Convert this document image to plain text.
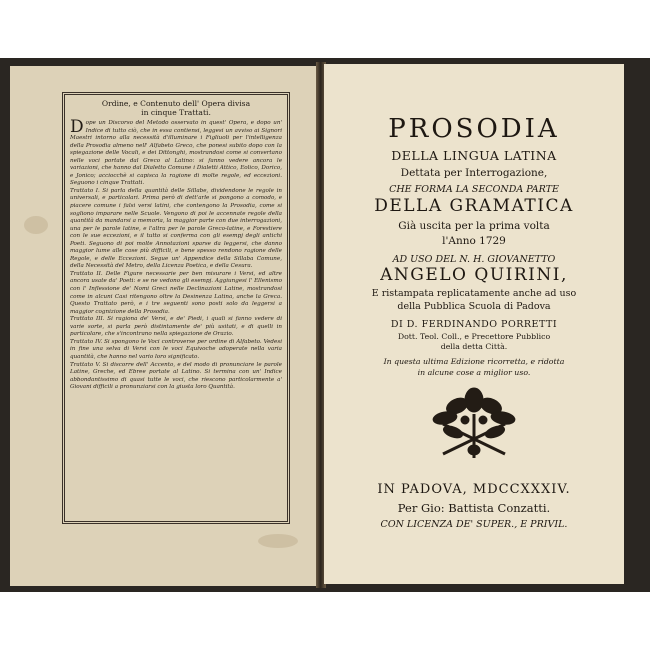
Ordine, e Contenuto dell' Opera divisa
in cinque Trattati.

Dope un Discorso del Metodo osservato in quest' Opera, e dopo un' Indice di tutto ciò, che in essa contiensi, leggesi un avviso ai Signori Maestri intorno alla necessità d'illuminare i Figliuoli per l'intelligenza della Prosodia almeno nell' Alfabeto Greco, che ponesi subito dopo con la spiegazione delle Vocali, e dei Dittonghi, mostrandosi come si convertano nelle voci portate dal Greco al Latino: si fanno vedere ancora le variazioni, che hanno dal Dialetto Comune i Dialetti Attico, Eolico, Dorico, e Jonico; acciocchè si capisca la ragione di molte regole, ed eccezioni. Seguono i cinque Trattati.

Trattato I. Si parla della quantità delle Sillabe, dividendone le regole in universali, e particolari. Prima però di dett'arle si pongono a comodo, e piacere comune i falsi versi latini, che contengono la Prosodia, come si sogliono imparare nelle Scuole. Vengono di poi le accennate regole della quantità da mandarsi a memoria, la maggior parte con due interrogazioni, una per le parole latine, e l'altra per le parole Greco-latine, e Forestiere con le sue eccezioni, e il tutto si conferma con gli esempj degli antichi Poeti. Seguono di poi molte Annotazioni sparse da leggersi, che danno maggior lume alle cose più difficili, e bene spesso rendono ragione delle Regole, e delle Eccezioni. Segue un' Appendice della Sillaba Comune, della Necessità del Metro, della Licenza Poetica, e della Cesura.

Trattato II. Delle Figure necessarie per ben misurare i Versi, ed altre ancora usate da' Poeti: e se ne vedono gli esempj. Aggiungesi l' Ellenismo con l' Inflessione de' Nomi Greci nelle Declinazioni Latine, mostrandosi come in alcuni Casi ritengono oltre la Desinenza Latina, anche la Greca. Questo Trattato però, e i tre seguenti sono posti solo da leggersi a maggior cognizione della Prosodia.

Trattato III. Si ragiona de' Versi, e de' Piedi, i quali si fanno vedere di varie sorte, si parla però distintamente de' più usitati, e di quelli in particolare, che s'incontrano nella spiegazione de Orazio.

Trattato IV. Si spongono le Voci controverse per ordine di Alfabeto. Vedesi in fine una selva di Versi con le voci Equivoche adoperate nella varia quantità, che hanno nel vario loro significato.

Trattato V. Si discorre dell' Accento, e del modo di pronunciare le parole Latine, Greche, ed Ebree portate al Latino. Si termina con un' Indice abbondantissimo di quasi tutte le voci, che riescono particolarmente a' Giovani difficili a pronunziarsi con la giusta loro Quantità.

PROSODIA
DELLA LINGUA LATINA
Dettata per Interrogazione,
CHE FORMA LA SECONDA PARTE
DELLA GRAMATICA
Già uscita per la prima volta
l'Anno 1729
AD USO DEL N. H. GIOVANETTO
ANGELO QUIRINI,
E ristampata replicatamente anche ad uso
della Pubblica Scuola di Padova
DI D. FERDINANDO PORRETTI
Dott. Teol. Coll., e Precettore Pubblico
della detta Città.
In questa ultima Edizione ricorretta, e ridotta
in alcune cose a miglior uso.
IN PADOVA, MDCCXXXIV.
Per Gio: Battista Conzatti.
CON LICENZA DE' SUPER., E PRIVIL.
